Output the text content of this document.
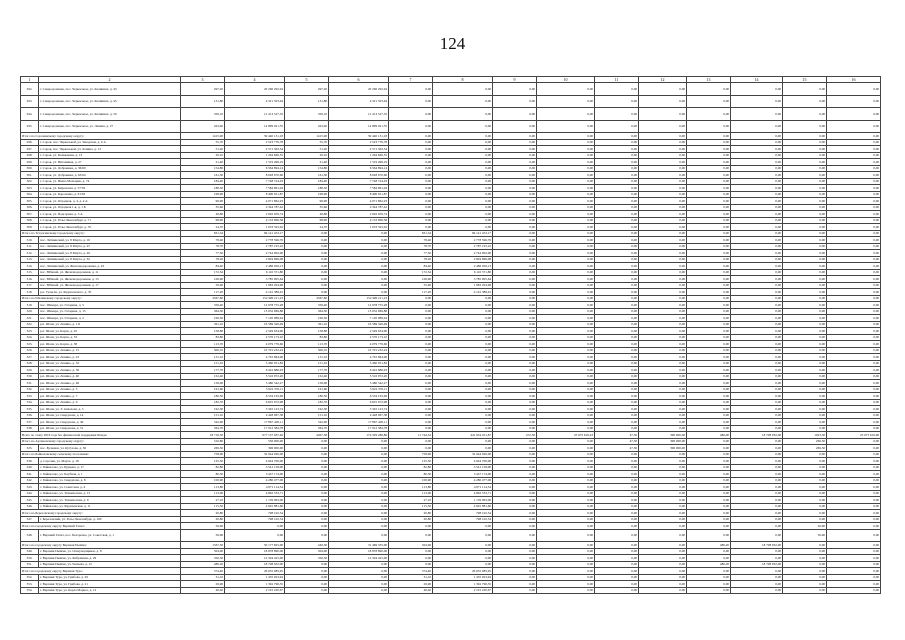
124
1	2	3	4	5	6	7	8	9	10	11	12	13	14	15	16
292.	г. Северодонецьк, пос. Черкаськое, ул. Калинина, д. 43	297,20	20 260 292,94	297,20	20 260 292,94	0,00	0,00	0,00	0,00	0,00	0,00	0,00	0,00	0,00	0,00
293.	г. Северодонецьк, пос. Черкаськое, ул. Калинина, д. 45	131,80	4 321 503,64	131,80	4 321 503,64	0,00	0,00	0,00	0,00	0,00	0,00	0,00	0,00	0,00	0,00
294.	г. Северодонецьк, пос. Черкаськое, ул. Калинина, д. 50	356,10	12 413 527,32	356,10	12 413 527,32	0,00	0,00	0,00	0,00	0,00	0,00	0,00	0,00	0,00	0,00
295.	г. Северодонецьк, пос. Черкаськое, ул. Ленина, д. 27	423,40	14 899 921,55	423,40	14 899 921,55	0,00	0,00	0,00	0,00	0,00	0,00	0,00	0,00	0,00	0,00
Итого по Сорочинскому городскому округу:		1415,00	59 440 131,18	1415,00	59 440 131,18	0,00	0,00	0,00	0,00	0,00	0,00	0,00	0,00	0,00	0,00
296.	г. Сорок, пос. Черкаськой, ул. Заводская, д. 6 А	55,70	2 523 776,78	55,70	2 523 776,78	0,00	0,00	0,00	0,00	0,00	0,00	0,00	0,00	0,00	0,00
297.	г. Сорок, пос. Черкаськой, ул. Ленина, д. 13	51,20	2 571 302,34	51,20	2 571 302,34	0,00	0,00	0,00	0,00	0,00	0,00	0,00	0,00	0,00	0,00
298.	г. Сорок, ул. Кальвачная, д. 13	20,10	1 264 840,55	20,10	1 264 840,55	0,00	0,00	0,00	0,00	0,00	0,00	0,00	0,00	0,00	0,00
299.	г. Сорок, ул. Витамиков, д. 27	21,40	1 519 499,19	21,40	1 519 499,19	0,00	0,00	0,00	0,00	0,00	0,00	0,00	0,00	0,00	0,00
300.	г. Сорок, ул. Добраника, д. 36/60	154,80	6 564 894,14	154,80	6 564 894,14	0,00	0,00	0,00	0,00	0,00	0,00	0,00	0,00	0,00	0,00
301.	г. Сорок, ул. Добраника, д. 63/64	161,30	8 028 670,66	161,30	8 028 670,66	0,00	0,00	0,00	0,00	0,00	0,00	0,00	0,00	0,00	0,00
302.	г. Сорок, ул. Ивана Мальцева, д. 74	184,40	7 748 724,03	184,40	7 748 724,03	0,00	0,00	0,00	0,00	0,00	0,00	0,00	0,00	0,00	0,00
303.	г. Сорок, ул. Кировская, д. 57/59	188,50	7 584 861,04	188,50	7 584 861,04	0,00	0,00	0,00	0,00	0,00	0,00	0,00	0,00	0,00	0,00
304.	г. Сорок, ул. Короленко, д. 61/63	198,90	8 400 651,87	198,90	8 400 651,87	0,00	0,00	0,00	0,00	0,00	0,00	0,00	0,00	0,00	0,00
305.	г. Сорок, ул. Отрадная, д. 4, д. 4 А	96,90	4 071 862,03	96,90	4 071 862,03	0,00	0,00	0,00	0,00	0,00	0,00	0,00	0,00	0,00	0,00
306.	г. Сорок, ул. Отрадная 1-я, д. 1 Б	35,60	2 344 787,42	35,60	2 344 787,42	0,00	0,00	0,00	0,00	0,00	0,00	0,00	0,00	0,00	0,00
307.	г. Сорок, ул. Подгорная, д. 3 А	49,80	2 002 659,74	49,80	2 002 659,74	0,00	0,00	0,00	0,00	0,00	0,00	0,00	0,00	0,00	0,00
308.	г. Сорок, ул. Розы Люксембург, д. 71	98,90	4 153 996,38	98,90	4 153 996,38	0,00	0,00	0,00	0,00	0,00	0,00	0,00	0,00	0,00	0,00
309.	г. Сорок, ул. Розы Люксембург, д. 76	24,70	1 033 325,02	24,70	1 033 325,02	0,00	0,00	0,00	0,00	0,00	0,00	0,00	0,00	0,00	0,00
Итого по Тетдогинскому городскому округу:		831,34	96 141 453,17	0,00	0,00	831,34	96 141 453,17	0,00	0,00	0,00	0,00	0,00	0,00	0,00	0,00
310.	пос. Литвинский, ул. 8 Марта, д. 16	78,40	2 778 596,76	0,00	0,00	78,40	2 778 596,76	0,00	0,00	0,00	0,00	0,00	0,00	0,00	0,00
311.	пос. Литвинский, ул. 8 Марта, д. 25	78,70	2 787 193,16	0,00	0,00	78,70	2 787 193,16	0,00	0,00	0,00	0,00	0,00	0,00	0,00	0,00
312.	пос. Литвинский, ул. 8 Марта, д. 26	77,50	2 744 092,00	0,00	0,00	77,50	2 744 092,00	0,00	0,00	0,00	0,00	0,00	0,00	0,00	0,00
313.	пос. Литвинский, ул. 8 Марта, д. 32	78,20	2 804 899,08	0,00	0,00	78,20	2 804 899,08	0,00	0,00	0,00	0,00	0,00	0,00	0,00	0,00
314.	пос. Литвинский, ул. Железнодорожная, д. 43	84,40	2 486 059,13	0,00	0,00	84,40	2 486 059,13	0,00	0,00	0,00	0,00	0,00	0,00	0,00	0,00
315.	пос. Юбилей, ул. Железнодорожная, д. 11	172,54	6 110 371,80	0,00	0,00	172,54	6 110 371,80	0,00	0,00	0,00	0,00	0,00	0,00	0,00	0,00
316.	пос. Юбилей, ул. Железнодорожная, д. 15	106,90	3 785 905,64	0,00	0,00	106,90	3 785 905,64	0,00	0,00	0,00	0,00	0,00	0,00	0,00	0,00
317.	пос. Юбилей, ул. Железнодорожная, д. 17	56,90	1 983 204,98	0,00	0,00	55,90	1 983 204,98	0,00	0,00	0,00	0,00	0,00	0,00	0,00	0,00
318.	р.п. Тульган, ул. Фрунзенского, д. 35	117,20	4 161 389,61	0,00	0,00	117,20	4 161 389,61	0,00	0,00	0,00	0,00	0,00	0,00	0,00	0,00
Итого по Шалинскому городскому округу:		4567,60	152 490 211,23	4567,60	152 490 211,23	0,00	0,00	0,00	0,00	0,00	0,00	0,00	0,00	0,00	0,00
319.	пос. Шамара, ул. Гагарина, д. 5	356,40	12 678 755,28	356,40	12 678 755,28	0,00	0,00	0,00	0,00	0,00	0,00	0,00	0,00	0,00	0,00
320.	пос. Шамара, ул. Гагарина, д. 15	364,30	13 032 969,88	364,30	13 032 969,88	0,00	0,00	0,00	0,00	0,00	0,00	0,00	0,00	0,00	0,00
321.	пос. Шамара, ул. Гагарина, д. 2	199,30	7 120 989,94	199,30	7 120 989,94	0,00	0,00	0,00	0,00	0,00	0,00	0,00	0,00	0,00	0,00
322.	р.п. Шаля, ул. Ленина, д. 1 Б	361,10	10 589 326,49	361,10	10 589 326,49	0,00	0,00	0,00	0,00	0,00	0,00	0,00	0,00	0,00	0,00
323.	р.п. Шаля, ул. Карпа, д. 45	158,80	2 549 634,90	158,80	2 549 634,90	0,00	0,00	0,00	0,00	0,00	0,00	0,00	0,00	0,00	0,00
324.	р.п. Шаля, ул. Карпа, д. 53	83,80	2 570 173,10	83,80	2 570 173,10	0,00	0,00	0,00	0,00	0,00	0,00	0,00	0,00	0,00	0,00
325.	р.п. Шаля, ул. Карпа, д. 38	113,70	4 079 776,66	113,70	4 079 776,66	0,00	0,00	0,00	0,00	0,00	0,00	0,00	0,00	0,00	0,00
326.	р.п. Шаля, ул. Ленина, д. 15	300,10	10 791 232,24	300,10	10 791 232,24	0,00	0,00	0,00	0,00	0,00	0,00	0,00	0,00	0,00	0,00
327.	р.п. Шаля, ул. Ленина, д. 23	131,10	4 745 864,96	131,10	4 745 864,96	0,00	0,00	0,00	0,00	0,00	0,00	0,00	0,00	0,00	0,00
328.	р.п. Шаля, ул. Ленина, д. 32	151,10	5 460 051,83	151,10	5 460 051,83	0,00	0,00	0,00	0,00	0,00	0,00	0,00	0,00	0,00	0,00
329.	р.п. Шаля, ул. Ленина, д. 39	177,70	6 422 886,93	177,70	6 422 886,93	0,00	0,00	0,00	0,00	0,00	0,00	0,00	0,00	0,00	0,00
330.	р.п. Шаля, ул. Ленина, д. 40	152,40	5 516 972,20	152,40	5 516 972,20	0,00	0,00	0,00	0,00	0,00	0,00	0,00	0,00	0,00	0,00
331.	р.п. Шаля, ул. Ленина, д. 46	156,00	5 480 542,27	156,00	5 480 542,27	0,00	0,00	0,00	0,00	0,00	0,00	0,00	0,00	0,00	0,00
332.	р.п. Шаля, ул. Ленина, д. 5	161,60	5 922 376,11	161,60	5 922 376,11	0,00	0,00	0,00	0,00	0,00	0,00	0,00	0,00	0,00	0,00
333.	р.п. Шаля, ул. Ленина, д. 7	180,50	6 534 163,48	180,50	6 534 163,48	0,00	0,00	0,00	0,00	0,00	0,00	0,00	0,00	0,00	0,00
334.	р.п. Шаля, ул. Ленина, д. 9	182,70	6 625 072,98	182,70	6 625 072,98	0,00	0,00	0,00	0,00	0,00	0,00	0,00	0,00	0,00	0,00
335.	р.п. Шаля, ул. Т. Ахвалова, д. 5	192,30	5 345 123,74	192,30	5 345 123,74	0,00	0,00	0,00	0,00	0,00	0,00	0,00	0,00	0,00	0,00
336.	р.п. Шаля, ул. Свердлова, д. 14	151,10	4 428 067,38	151,10	4 428 067,38	0,00	0,00	0,00	0,00	0,00	0,00	0,00	0,00	0,00	0,00
337.	р.п. Шаля, ул. Свердлова, д. 49	542,90	17 867 420,11	542,90	17 867 420,11	0,00	0,00	0,00	0,00	0,00	0,00	0,00	0,00	0,00	0,00
338.	р.п. Шаля, ул. Свердлова, д. 51	564,70	17 912 384,78	564,70	17 912 384,78	0,00	0,00	0,00	0,00	0,00	0,00	0,00	0,00	0,00	0,00
Всего по этапу 2016 года без финансовой поддержки Фонда:		18 719,50	677 137 937,46	4497,38	174 329 286,86	11 744,52	441 934 451,87	472,50	25 975 616,43	47,30	396 000,00	486,00	18 708 932,00	1023,30	23 075 619,00
Итого по Артемовскому городскому округу:		316,80	556 000,00	0,00	0,00	0,00	0,00	0,00	0,00	47,30	396 000,00	0,00	0,00	269,50	0,00
325.	пос. Буланаш, ул. Кутузова, д. 36	269,50	396 000,00	0,00	0,00	0,00	0,00	0,00	0,00	47,30	396 000,00	0,00	0,00	269,50	0,00
Итого по Байкаловскому сельскому поселению:		758,00	32 044 020,00	0,00	0,00	758,00	32 044 020,00	0,00	0,00	0,00	0,00	0,00	0,00	0,00	0,00
339.	д. Сарсаки, ул. Марта, д. 18	125,50	4 944 700,00	0,00	0,00	125,50	4 944 700,00	0,00	0,00	0,00	0,00	0,00	0,00	0,00	0,00
340.	с. Байкалово, ул. Бурцева, д. 17	82,80	3 541 158,00	0,00	0,00	82,80	3 541 158,00	0,00	0,00	0,00	0,00	0,00	0,00	0,00	0,00
341.	с. Байкалово, ул. Клубная, д. 1	80,30	3 437 174,00	0,00	0,00	80,30	3 437 174,00	0,00	0,00	0,00	0,00	0,00	0,00	0,00	0,00
342.	с. Байкалово, ул. Свердлова, д. 8	100,90	4 280 477,00	0,00	0,00	100,90	4 280 477,00	0,00	0,00	0,00	0,00	0,00	0,00	0,00	0,00
343.	с. Байкалово, ул. Советская, д. 4	113,80	4 871 114,54	0,00	0,00	113,80	4 871 114,54	0,00	0,00	0,00	0,00	0,00	0,00	0,00	0,00
344.	с. Байкалово, ул. Техническая, д. 15	113,00	4 862 533,71	0,00	0,00	113,00	4 862 533,71	0,00	0,00	0,00	0,00	0,00	0,00	0,00	0,00
345.	с. Байкалово, ул. Техническая, д. 9	27,10	1 159 993,00	0,00	0,00	27,10	1 159 993,00	0,00	0,00	0,00	0,00	0,00	0,00	0,00	0,00
346.	с. Байкалово, ул. Фрунзенская, д. 11	115,50	4 945 881,60	0,00	0,00	115,50	4 945 881,60	0,00	0,00	0,00	0,00	0,00	0,00	0,00	0,00
Итого по Березовскому городскому округу:		20,80	798 102,54	0,00	0,00	20,80	798 102,54	0,00	0,00	0,00	0,00	0,00	0,00	0,00	0,00
347.	г. Березовский, ул. Розы Люксембург, д. 100	20,80	798 102,54	0,00	0,00	20,80	798 102,54	0,00	0,00	0,00	0,00	0,00	0,00	0,00	0,00
Итого по городскому округу Верхний Тагил:		56,90	0,00	0,00	0,00	0,00	0,00	0,00	0,00	0,00	0,00	0,00	0,00	56,90	0,00
348.	г. Верхний Тагил, пос. Белоречка, ул. Советская, д. 1	56,90	0,00	0,00	0,00	0,00	0,00	0,00	0,00	0,00	0,00	0,00	0,00	56,90	0,00
Итого по городскому округу Верхняя Пышма:		1337,50	50 177 825,00	449,30	31 469 335,00	504,00	0,00	0,00	0,00	0,00	0,00	480,20	18 708 932,00	0,00	0,00
349.	г. Верхняя Пышма, ул. Огнеупорщиков, д. 8	504,00	18 878 890,00	504,00	18 878 890,00	0,00	0,00	0,00	0,00	0,00	0,00	0,00	0,00	0,00	0,00
350.	г. Верхняя Пышма, ул. Фабричная, д. 29	356,30	12 594 425,00	356,30	12 594 425,00	0,00	0,00	0,00	0,00	0,00	0,00	0,00	0,00	0,00	0,00
351.	г. Верхняя Пышма, ул. Чапаева, д. 12	480,20	18 708 932,00	0,00	0,00	0,00	0,00	0,00	0,00	0,00	0,00	480,20	18 708 932,00	0,00	0,00
Итого по городскому округу Верхняя Тура:		574,40	26 635 085,95	0,00	0,00	574,40	26 635 085,95	0,00	0,00	0,00	0,00	0,00	0,00	0,00	0,00
352.	г. Верхняя Тура, ул. Грибова, д. 29	31,10	1 435 023,94	0,00	0,00	31,10	1 435 023,94	0,00	0,00	0,00	0,00	0,00	0,00	0,00	0,00
353.	г. Верхняя Тура, ул. Грибова, д. 21	29,90	1 392 796,35	0,00	0,00	29,90	1 392 796,35	0,00	0,00	0,00	0,00	0,00	0,00	0,00	0,00
354.	г. Верхняя Тура, ул. Карла Маркса, д. 12	46,40	2 191 220,67	0,00	0,00	46,40	2 191 220,67	0,00	0,00	0,00	0,00	0,00	0,00	0,00	0,00
